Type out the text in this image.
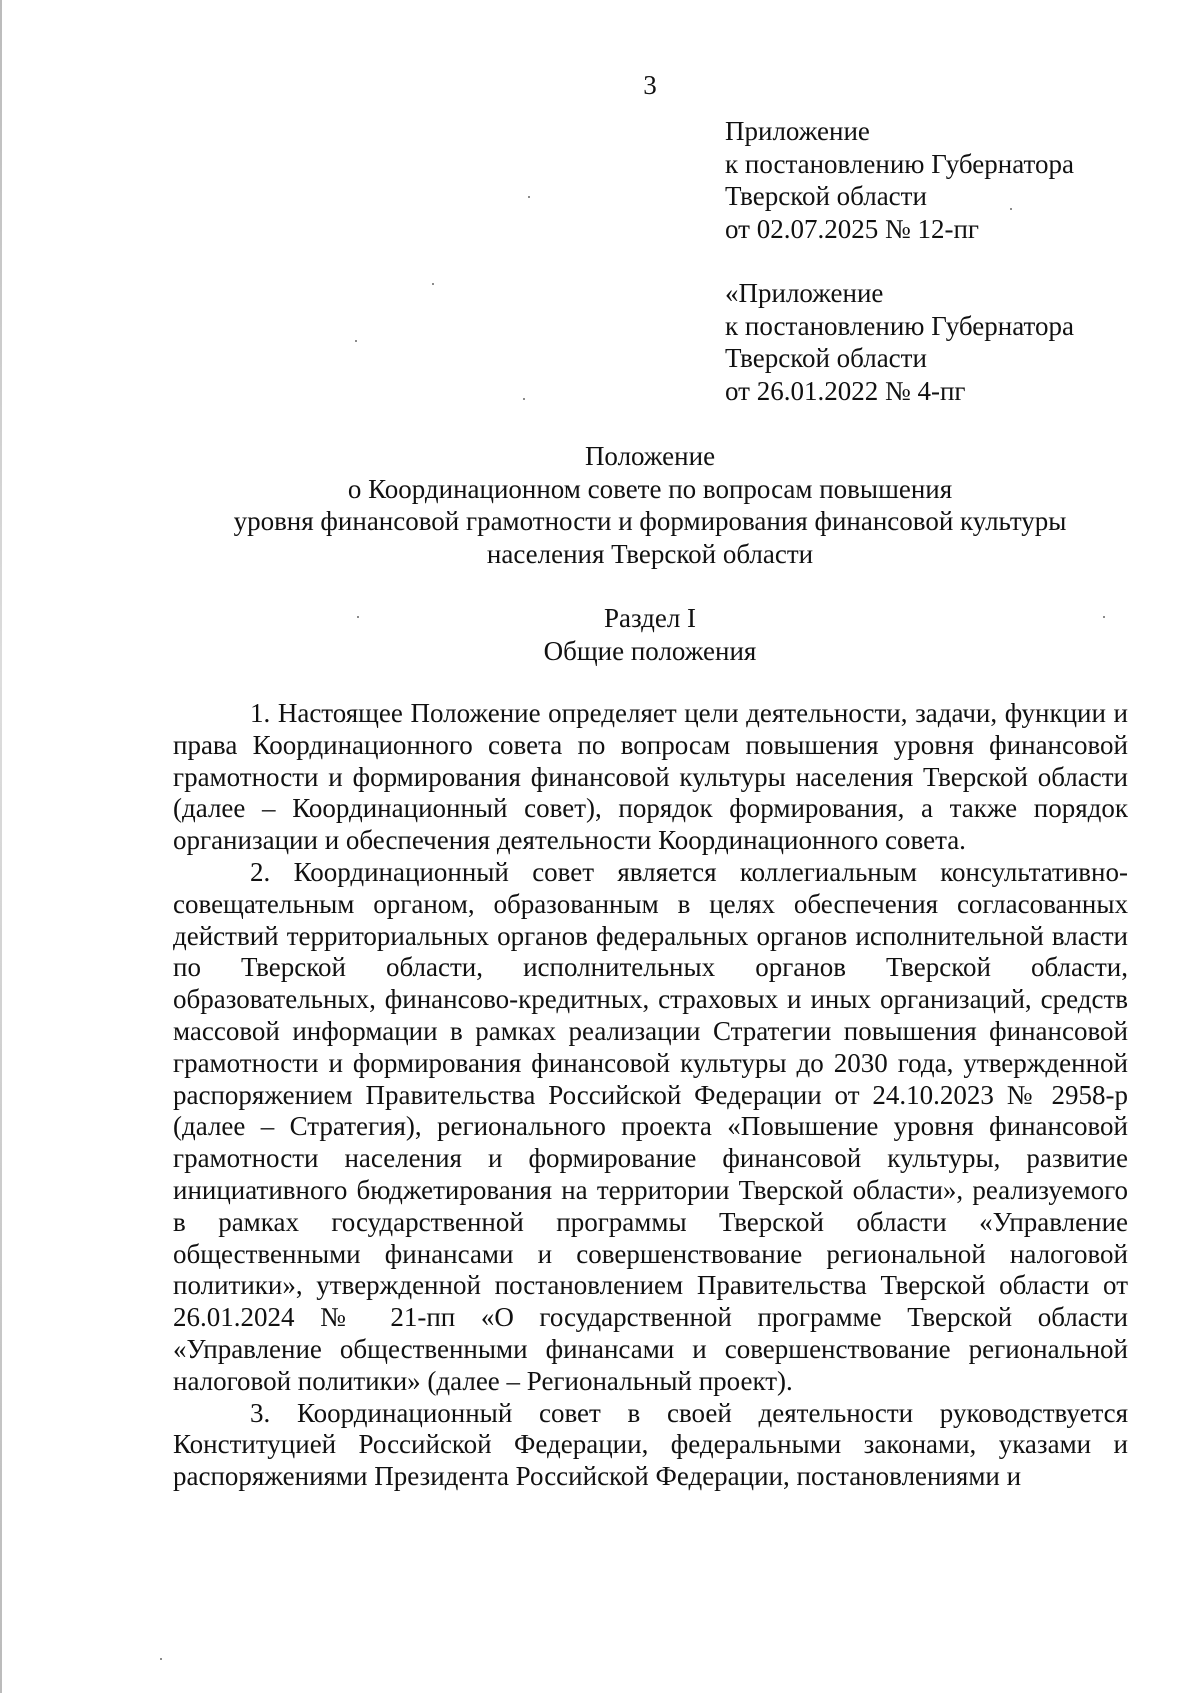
3
Приложение
к постановлению Губернатора
Тверской области
от 02.07.2025 № 12-пг
«Приложение
к постановлению Губернатора
Тверской области
от 26.01.2022 № 4-пг
Положение
о Координационном совете по вопросам повышения
уровня финансовой грамотности и формирования финансовой культуры
населения Тверской области
Раздел I
Общие положения

1. Настоящее Положение определяет цели деятельности, задачи, функции и права Координационного совета по вопросам повышения уровня финансовой грамотности и формирования финансовой культуры населения Тверской области (далее – Координационный совет), порядок формирования, а также порядок организации и обеспечения деятельности Координационного совета.

2. Координационный совет является коллегиальным консультативно-совещательным органом, образованным в целях обеспечения согласованных действий территориальных органов федеральных органов исполнительной власти по Тверской области, исполнительных органов Тверской области, образовательных, финансово-кредитных, страховых и иных организаций, средств массовой информации в рамках реализации Стратегии повышения финансовой грамотности и формирования финансовой культуры до 2030 года, утвержденной распоряжением Правительства Российской Федерации от 24.10.2023 № 2958-р (далее – Стратегия), регионального проекта «Повышение уровня финансовой грамотности населения и формирование финансовой культуры, развитие инициативного бюджетирования на территории Тверской области», реализуемого в рамках государственной программы Тверской области «Управление общественными финансами и совершенствование региональной налоговой политики», утвержденной постановлением Правительства Тверской области от 26.01.2024 № 21-пп «О государственной программе Тверской области «Управление общественными финансами и совершенствование региональной налоговой политики» (далее – Региональный проект).

3. Координационный совет в своей деятельности руководствуется Конституцией Российской Федерации, федеральными законами, указами и распоряжениями Президента Российской Федерации, постановлениями и
